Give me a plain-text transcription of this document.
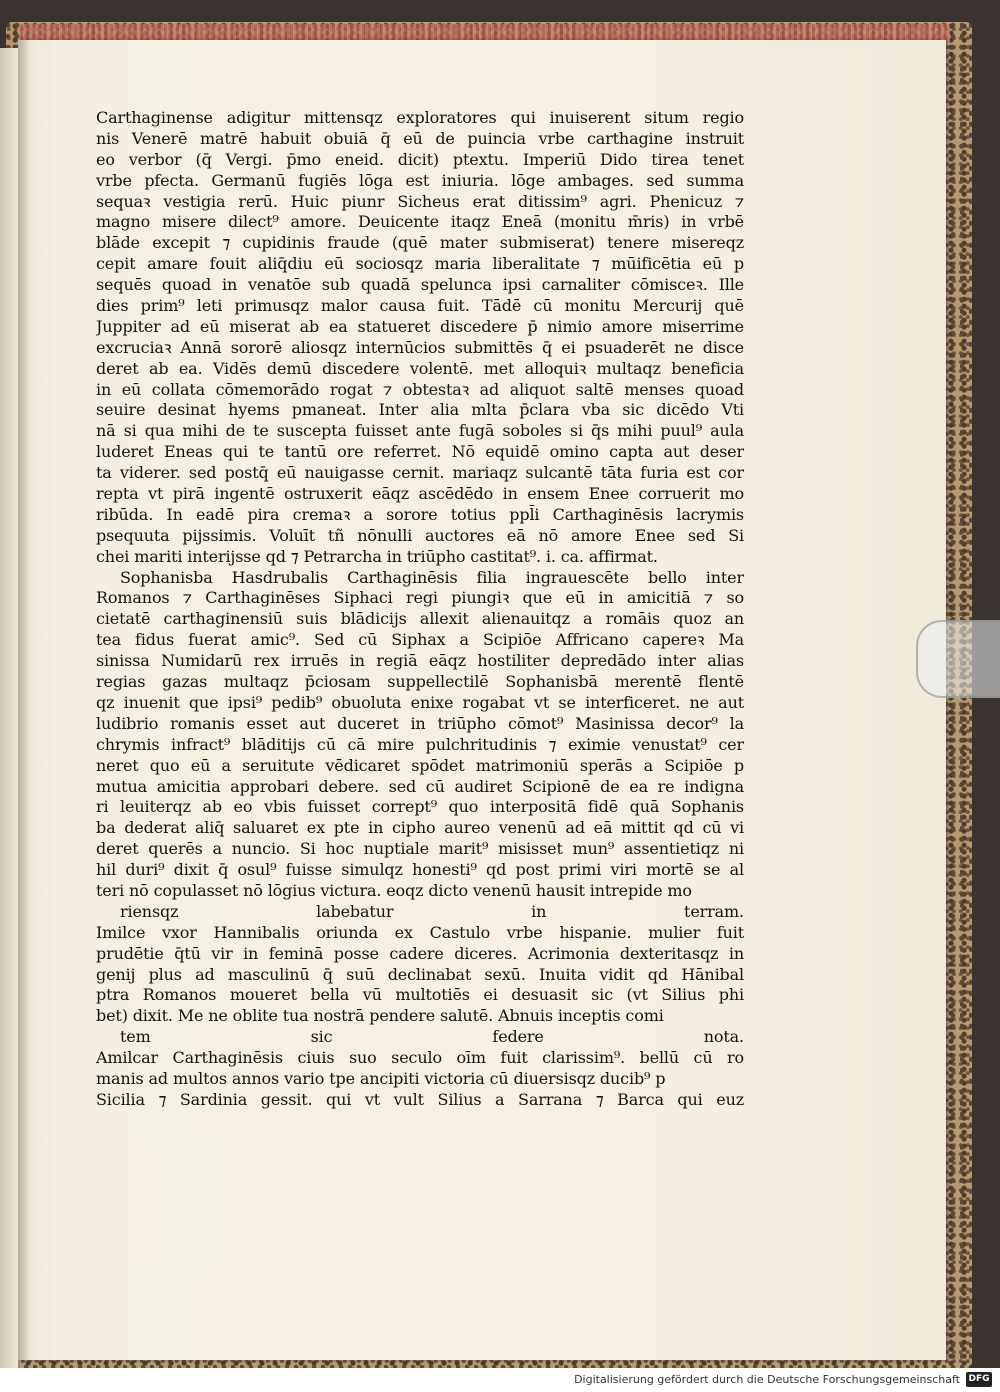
Carthaginense adigitur mittensqz exploratores qui inuiserent situm regio
nis Venerē matrē habuit obuiā q̄ eū de puincia vrbe carthagine instruit
eo verbor (q̄ Vergi. p̄mo eneid. dicit) ptextu. Imperiū Dido tirea tenet
vrbe pfecta. Germanū fugiēs lōga est iniuria. lōge ambages. sed summa
sequaꝛ vestigia rerū. Huic piunr Sicheus erat ditissim⁹ agri. Phenicuz ⁊
magno misere dilect⁹ amore. Deuicente itaqz Eneā (monitu m̄ris) in vrbē
blāde excepit ⁊ cupidinis fraude (quē mater submiserat) tenere misereqz
cepit amare fouit aliq̄diu eū sociosqz maria liberalitate ⁊ mūificētia eū p
sequēs quoad in venatōe sub quadā spelunca ipsi carnaliter cōmisceꝛ. Ille
dies prim⁹ leti primusqz malor causa fuit. Tādē cū monitu Mercurij quē
Juppiter ad eū miserat ab ea statueret discedere p̄ nimio amore miserrime
excruciaꝛ Annā sororē aliosqz internūcios submittēs q̄ ei psuaderēt ne disce
deret ab ea. Vidēs demū discedere volentē. met alloquiꝛ multaqz beneficia
in eū collata cōmemorādo rogat ⁊ obtestaꝛ ad aliquot saltē menses quoad
seuire desinat hyems pmaneat. Inter alia mlta p̄clara vba sic dicēdo Vti
nā si qua mihi de te suscepta fuisset ante fugā soboles si q̄s mihi puul⁹ aula
luderet Eneas qui te tantū ore referret. Nō equidē omino capta aut deser
ta viderer. sed postq̄ eū nauigasse cernit. mariaqz sulcantē tāta furia est cor
repta vt pirā ingentē ostruxerit eāqz ascēdēdo in ensem Enee corruerit mo
ribūda. In eadē pira cremaꝛ a sorore totius ppl̄i Carthaginēsis lacrymis
psequuta pijssimis. Voluīt tñ nōnulli auctores eā nō amore Enee sed Si
chei mariti interijsse qd ⁊ Petrarcha in triūpho castitat⁹. i. ca. affirmat.
Sophanisba Hasdrubalis Carthaginēsis filia ingrauescēte bello inter
Romanos ⁊ Carthaginēses Siphaci regi piungiꝛ que eū in amicitiā ⁊ so
cietatē carthaginensiū suis blādicijs allexit alienauitqz a romāis quoz an
tea fidus fuerat amic⁹. Sed cū Siphax a Scipiōe Affricano capereꝛ Ma
sinissa Numidarū rex irruēs in regiā eāqz hostiliter depredādo inter alias
regias gazas multaqz p̄ciosam suppellectilē Sophanisbā merentē flentē
qz inuenit que ipsi⁹ pedib⁹ obuoluta enixe rogabat vt se interficeret. ne aut
ludibrio romanis esset aut duceret in triūpho cōmot⁹ Masinissa decor⁹ la
chrymis infract⁹ blāditijs cū cā mire pulchritudinis ⁊ eximie venustat⁹ cer
neret quo eū a seruitute vēdicaret spōdet matrimoniū sperās a Scipiōe p
mutua amicitia approbari debere. sed cū audiret Scipionē de ea re indigna
ri leuiterqz ab eo vbis fuisset corrept⁹ quo interpositā fidē quā Sophanis
ba dederat aliq̄ saluaret ex pte in cipho aureo venenū ad eā mittit qd cū vi
deret querēs a nuncio. Si hoc nuptiale marit⁹ misisset mun⁹ assentietiqz ni
hil duri⁹ dixit q̄ osul⁹ fuisse simulqz honesti⁹ qd post primi viri mortē se al
teri nō copulasset nō lōgius victura. eoqz dicto venenū hausit intrepide mo
riensqz labebatur in terram.
Imilce vxor Hannibalis oriunda ex Castulo vrbe hispanie. mulier fuit
prudētie q̄tū vir in feminā posse cadere diceres. Acrimonia dexteritasqz in
genij plus ad masculinū q̄ suū declinabat sexū. Inuita vidit qd Hānibal
ptra Romanos moueret bella vū multotiēs ei desuasit sic (vt Silius phi
bet) dixit. Me ne oblite tua nostrā pendere salutē. Abnuis inceptis comi
tem sic federe nota.
Amilcar Carthaginēsis ciuis suo seculo oīm fuit clarissim⁹. bellū cū ro
manis ad multos annos vario tpe ancipiti victoria cū diuersisqz ducib⁹ p
Sicilia ⁊ Sardinia gessit. qui vt vult Silius a Sarrana ⁊ Barca qui euz
Digitalisierung gefördert durch die Deutsche Forschungsgemeinschaft DFG
